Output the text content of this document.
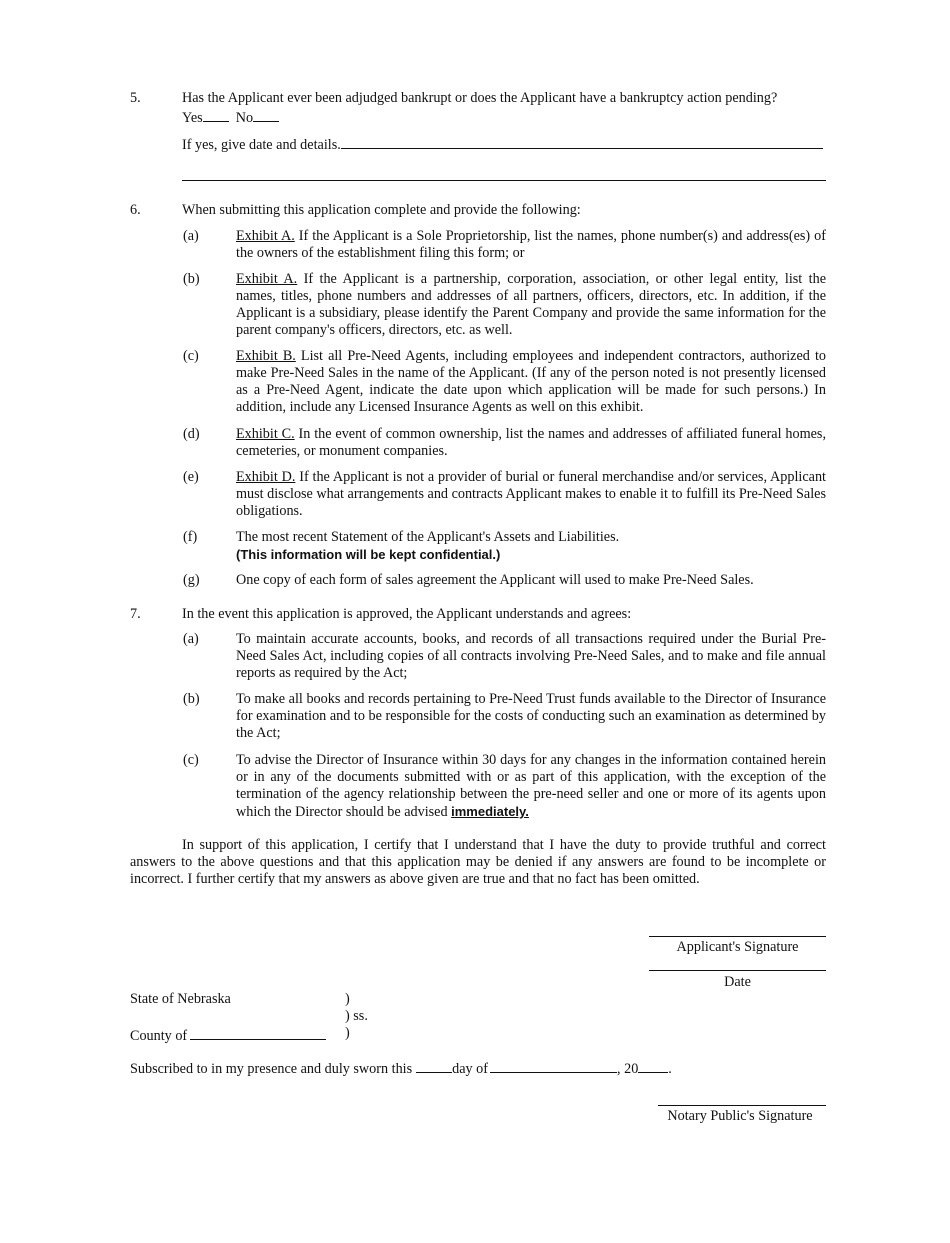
5.	Has the Applicant ever been adjudged bankrupt or does the Applicant have a bankruptcy action pending?
Yes No
If yes, give date and details.
6.	When submitting this application complete and provide the following:
(a)	Exhibit A. If the Applicant is a Sole Proprietorship, list the names, phone number(s) and address(es) of the owners of the establishment filing this form; or
(b)	Exhibit A. If the Applicant is a partnership, corporation, association, or other legal entity, list the names, titles, phone numbers and addresses of all partners, officers, directors, etc. In addition, if the Applicant is a subsidiary, please identify the Parent Company and provide the same information for the parent company's officers, directors, etc. as well.
(c)	Exhibit B. List all Pre-Need Agents, including employees and independent contractors, authorized to make Pre-Need Sales in the name of the Applicant. (If any of the person noted is not presently licensed as a Pre-Need Agent, indicate the date upon which application will be made for such persons.) In addition, include any Licensed Insurance Agents as well on this exhibit.
(d)	Exhibit C. In the event of common ownership, list the names and addresses of affiliated funeral homes, cemeteries, or monument companies.
(e)	Exhibit D. If the Applicant is not a provider of burial or funeral merchandise and/or services, Applicant must disclose what arrangements and contracts Applicant makes to enable it to fulfill its Pre-Need Sales obligations.
(f)	The most recent Statement of the Applicant's Assets and Liabilities.
(This information will be kept confidential.)
(g)	One copy of each form of sales agreement the Applicant will used to make Pre-Need Sales.
7.	In the event this application is approved, the Applicant understands and agrees:
(a)	To maintain accurate accounts, books, and records of all transactions required under the Burial Pre-Need Sales Act, including copies of all contracts involving Pre-Need Sales, and to make and file annual reports as required by the Act;
(b)	To make all books and records pertaining to Pre-Need Trust funds available to the Director of Insurance for examination and to be responsible for the costs of conducting such an examination as determined by the Act;
(c)	To advise the Director of Insurance within 30 days for any changes in the information contained herein or in any of the documents submitted with or as part of this application, with the exception of the termination of the agency relationship between the pre-need seller and one or more of its agents upon which the Director should be advised immediately.
In support of this application, I certify that I understand that I have the duty to provide truthful and correct answers to the above questions and that this application may be denied if any answers are found to be incomplete or incorrect. I further certify that my answers as above given are true and that no fact has been omitted.
Applicant's Signature
Date
State of Nebraska	)
) ss.
County of	)
Subscribed to in my presence and duly sworn this	day of	, 20 .
Notary Public's Signature
